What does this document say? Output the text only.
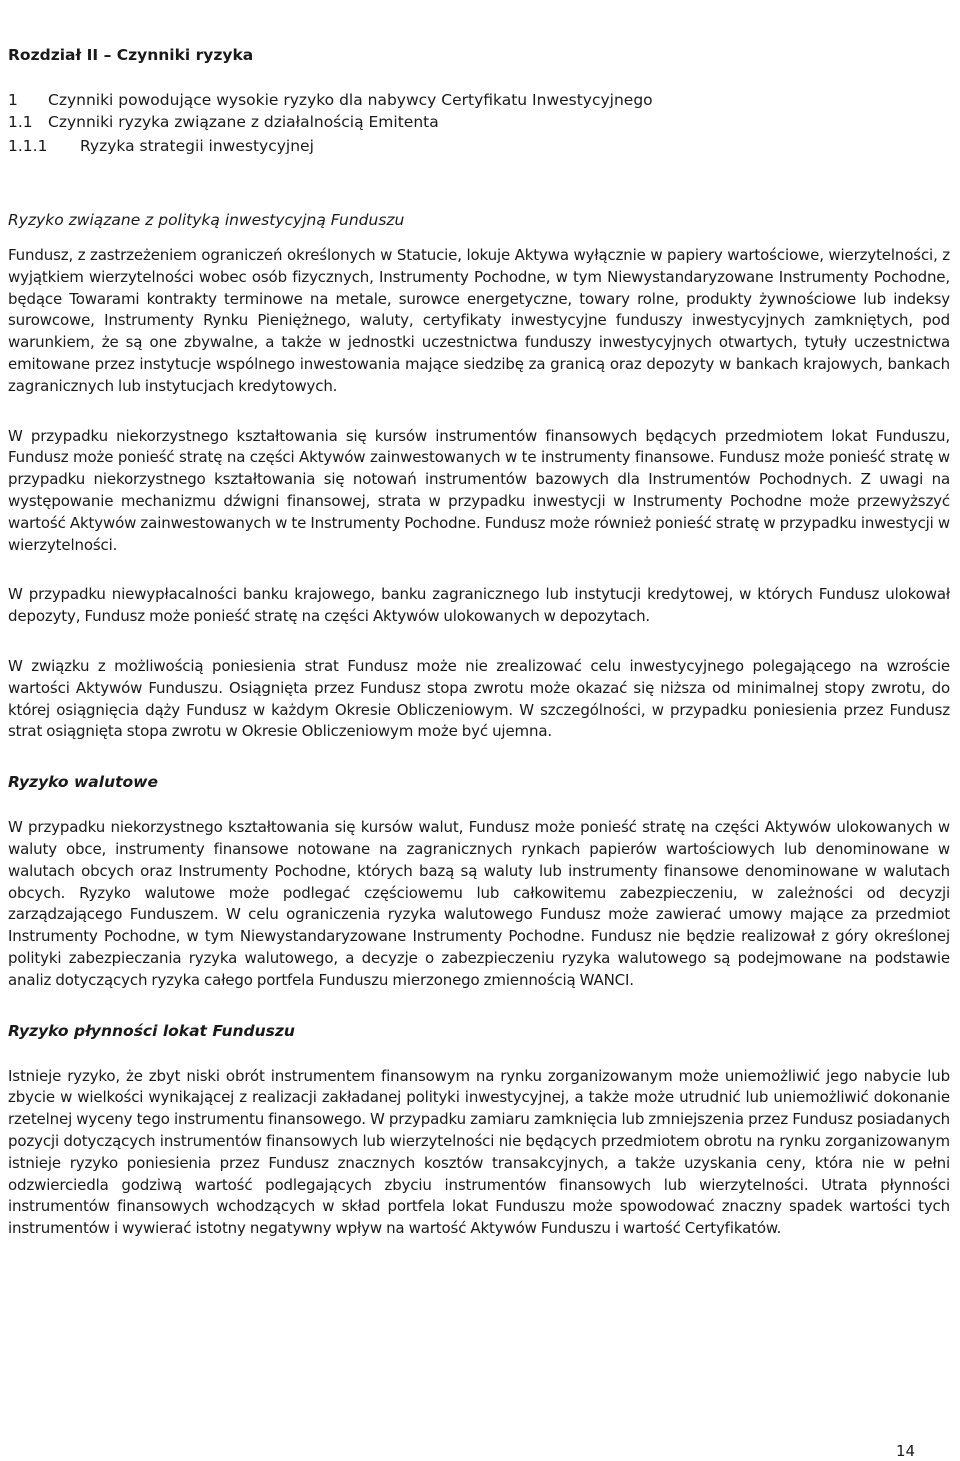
Rozdział II – Czynniki ryzyka
1 Czynniki powodujące wysokie ryzyko dla nabywcy Certyfikatu Inwestycyjnego
1.1 Czynniki ryzyka związane z działalnością Emitenta
1.1.1 Ryzyka strategii inwestycyjnej
Ryzyko związane z polityką inwestycyjną Funduszu

Fundusz, z zastrzeżeniem ograniczeń określonych w Statucie, lokuje Aktywa wyłącznie w papiery wartościowe, wierzytelności, z wyjątkiem wierzytelności wobec osób fizycznych, Instrumenty Pochodne, w tym Niewystandaryzowane Instrumenty Pochodne, będące Towarami kontrakty terminowe na metale, surowce energetyczne, towary rolne, produkty żywnościowe lub indeksy surowcowe, Instrumenty Rynku Pieniężnego, waluty, certyfikaty inwestycyjne funduszy inwestycyjnych zamkniętych, pod warunkiem, że są one zbywalne, a także w jednostki uczestnictwa funduszy inwestycyjnych otwartych, tytuły uczestnictwa emitowane przez instytucje wspólnego inwestowania mające siedzibę za granicą oraz depozyty w bankach krajowych, bankach zagranicznych lub instytucjach kredytowych.

W przypadku niekorzystnego kształtowania się kursów instrumentów finansowych będących przedmiotem lokat Funduszu, Fundusz może ponieść stratę na części Aktywów zainwestowanych w te instrumenty finansowe. Fundusz może ponieść stratę w przypadku niekorzystnego kształtowania się notowań instrumentów bazowych dla Instrumentów Pochodnych. Z uwagi na występowanie mechanizmu dźwigni finansowej, strata w przypadku inwestycji w Instrumenty Pochodne może przewyższyć wartość Aktywów zainwestowanych w te Instrumenty Pochodne. Fundusz może również ponieść stratę w przypadku inwestycji w wierzytelności.

W przypadku niewypłacalności banku krajowego, banku zagranicznego lub instytucji kredytowej, w których Fundusz ulokował depozyty, Fundusz może ponieść stratę na części Aktywów ulokowanych w depozytach.

W związku z możliwością poniesienia strat Fundusz może nie zrealizować celu inwestycyjnego polegającego na wzroście wartości Aktywów Funduszu. Osiągnięta przez Fundusz stopa zwrotu może okazać się niższa od minimalnej stopy zwrotu, do której osiągnięcia dąży Fundusz w każdym Okresie Obliczeniowym. W szczególności, w przypadku poniesienia przez Fundusz strat osiągnięta stopa zwrotu w Okresie Obliczeniowym może być ujemna.

Ryzyko walutowe

W przypadku niekorzystnego kształtowania się kursów walut, Fundusz może ponieść stratę na części Aktywów ulokowanych w waluty obce, instrumenty finansowe notowane na zagranicznych rynkach papierów wartościowych lub denominowane w walutach obcych oraz Instrumenty Pochodne, których bazą są waluty lub instrumenty finansowe denominowane w walutach obcych. Ryzyko walutowe może podlegać częściowemu lub całkowitemu zabezpieczeniu, w zależności od decyzji zarządzającego Funduszem. W celu ograniczenia ryzyka walutowego Fundusz może zawierać umowy mające za przedmiot Instrumenty Pochodne, w tym Niewystandaryzowane Instrumenty Pochodne. Fundusz nie będzie realizował z góry określonej polityki zabezpieczania ryzyka walutowego, a decyzje o zabezpieczeniu ryzyka walutowego są podejmowane na podstawie analiz dotyczących ryzyka całego portfela Funduszu mierzonego zmiennością WANCI.

Ryzyko płynności lokat Funduszu

Istnieje ryzyko, że zbyt niski obrót instrumentem finansowym na rynku zorganizowanym może uniemożliwić jego nabycie lub zbycie w wielkości wynikającej z realizacji zakładanej polityki inwestycyjnej, a także może utrudnić lub uniemożliwić dokonanie rzetelnej wyceny tego instrumentu finansowego. W przypadku zamiaru zamknięcia lub zmniejszenia przez Fundusz posiadanych pozycji dotyczących instrumentów finansowych lub wierzytelności nie będących przedmiotem obrotu na rynku zorganizowanym istnieje ryzyko poniesienia przez Fundusz znacznych kosztów transakcyjnych, a także uzyskania ceny, która nie w pełni odzwierciedla godziwą wartość podlegających zbyciu instrumentów finansowych lub wierzytelności. Utrata płynności instrumentów finansowych wchodzących w skład portfela lokat Funduszu może spowodować znaczny spadek wartości tych instrumentów i wywierać istotny negatywny wpływ na wartość Aktywów Funduszu i wartość Certyfikatów.

14
